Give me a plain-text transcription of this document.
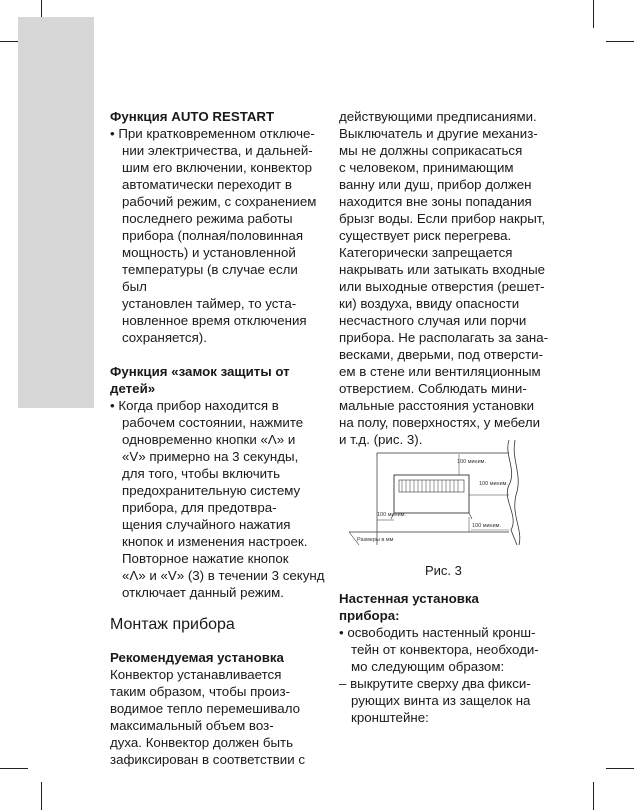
Функция AUTO RESTART

• При кратковременном отключе-

нии электричества, и дальней-

шим его включении, конвектор

автоматически переходит в

рабочий режим, с сохранением

последнего режима работы

прибора (полная/половинная

мощность) и установленной

температуры (в случае если был

установлен таймер, то уста-

новленное время отключения

сохраняется).

Функция «замок защиты от

детей»

• Когда прибор находится в

рабочем состоянии, нажмите

одновременно кнопки «Λ» и

«V» примерно на 3 секунды,

для того, чтобы включить

предохранительную систему

прибора, для предотвра-

щения случайного нажатия

кнопок и изменения настроек.

Повторное нажатие кнопок

«Λ» и «V» (3) в течении 3 секунд

отключает данный режим.

Монтаж прибора

Рекомендуемая установка

Конвектор устанавливается

таким образом, чтобы произ-

водимое тепло перемешивало

максимальный объем воз-

духа. Конвектор должен быть

зафиксирован в соответствии с

действующими предписаниями.

Выключатель и другие механиз-

мы не должны соприкасаться

с человеком, принимающим

ванну или душ, прибор должен

находится вне зоны попадания

брызг воды. Если прибор накрыт,

существует риск перегрева.

Категорически запрещается

накрывать или затыкать входные

или выходные отверстия (решет-

ки) воздуха, ввиду опасности

несчастного случая или порчи

прибора. Не располагать за зана-

весками, дверьми, под отверсти-

ем в стене или вентиляционным

отверстием. Соблюдать мини-

мальные расстояния установки

на полу, поверхностях, у мебели

и т.д. (рис. 3).

100 миним.
100 миним.
100 миним.
100 миним.
Размеры в мм
Рис. 3

Настенная установка

прибора:

• освободить настенный кронш-

тейн от конвектора, необходи-

мо следующим образом:

– выкрутите сверху два фикси-

рующих винта из защелок на

кронштейне:
